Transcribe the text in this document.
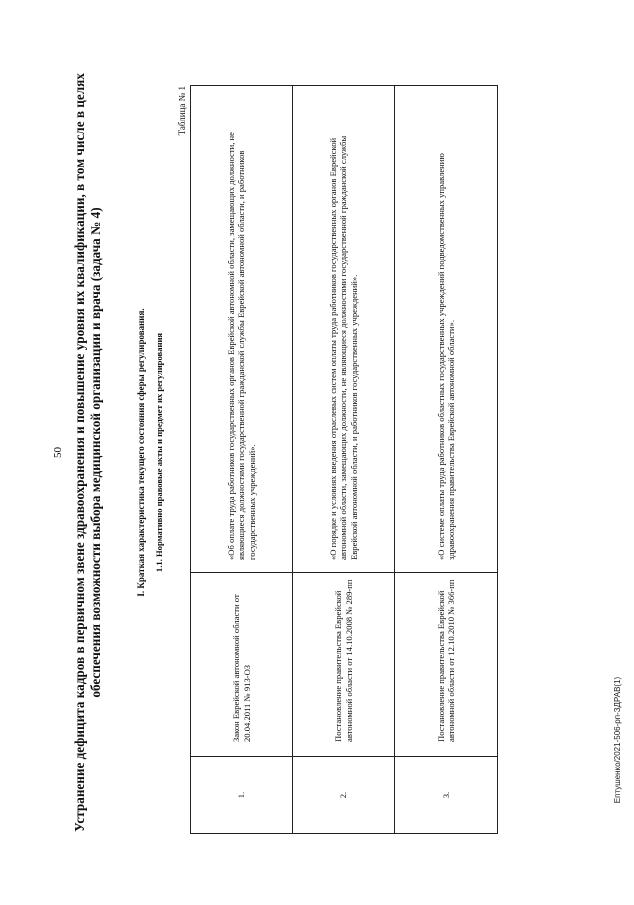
50 Устранение дефицита кадров в первичном звене здравоохранения и повышение уровня их квалификации, в том числе в целях обеспечения возможности выбора медицинской организации и врача (задача № 4)	I. Краткая характеристика текущего состояния сферы регулирования. 1.1. Нормативно правовые акты и предмет их регулирования
Таблица № 1
1.	Закон Еврейской автономной области от 20.04.2011 № 913-ОЗ	«Об оплате труда работников государственных органов Еврейской автономной области, замещающих должности, не являющиеся должностями государственной гражданской службы Еврейской автономной области, и работников государственных учреждений».
2.	Постановление правительства Еврейской автономной области от 14.10.2008 № 289-пп	«О порядке и условиях введения отраслевых систем оплаты труда работников государственных органов Еврейской автономной области, замещающих должности, не являющиеся должностями государственной гражданской службы Еврейской автономной области, и работников государственных учреждений».
3.	Постановление правительства Еврейской автономной области от 12.10.2010 № 366-пп	«О системе оплаты труда работников областных государственных учреждений подведомственных управлению здравоохранения правительства Еврейской автономной области».
Ептушенко/2021-506-рп-ЗДРАВ(1)
